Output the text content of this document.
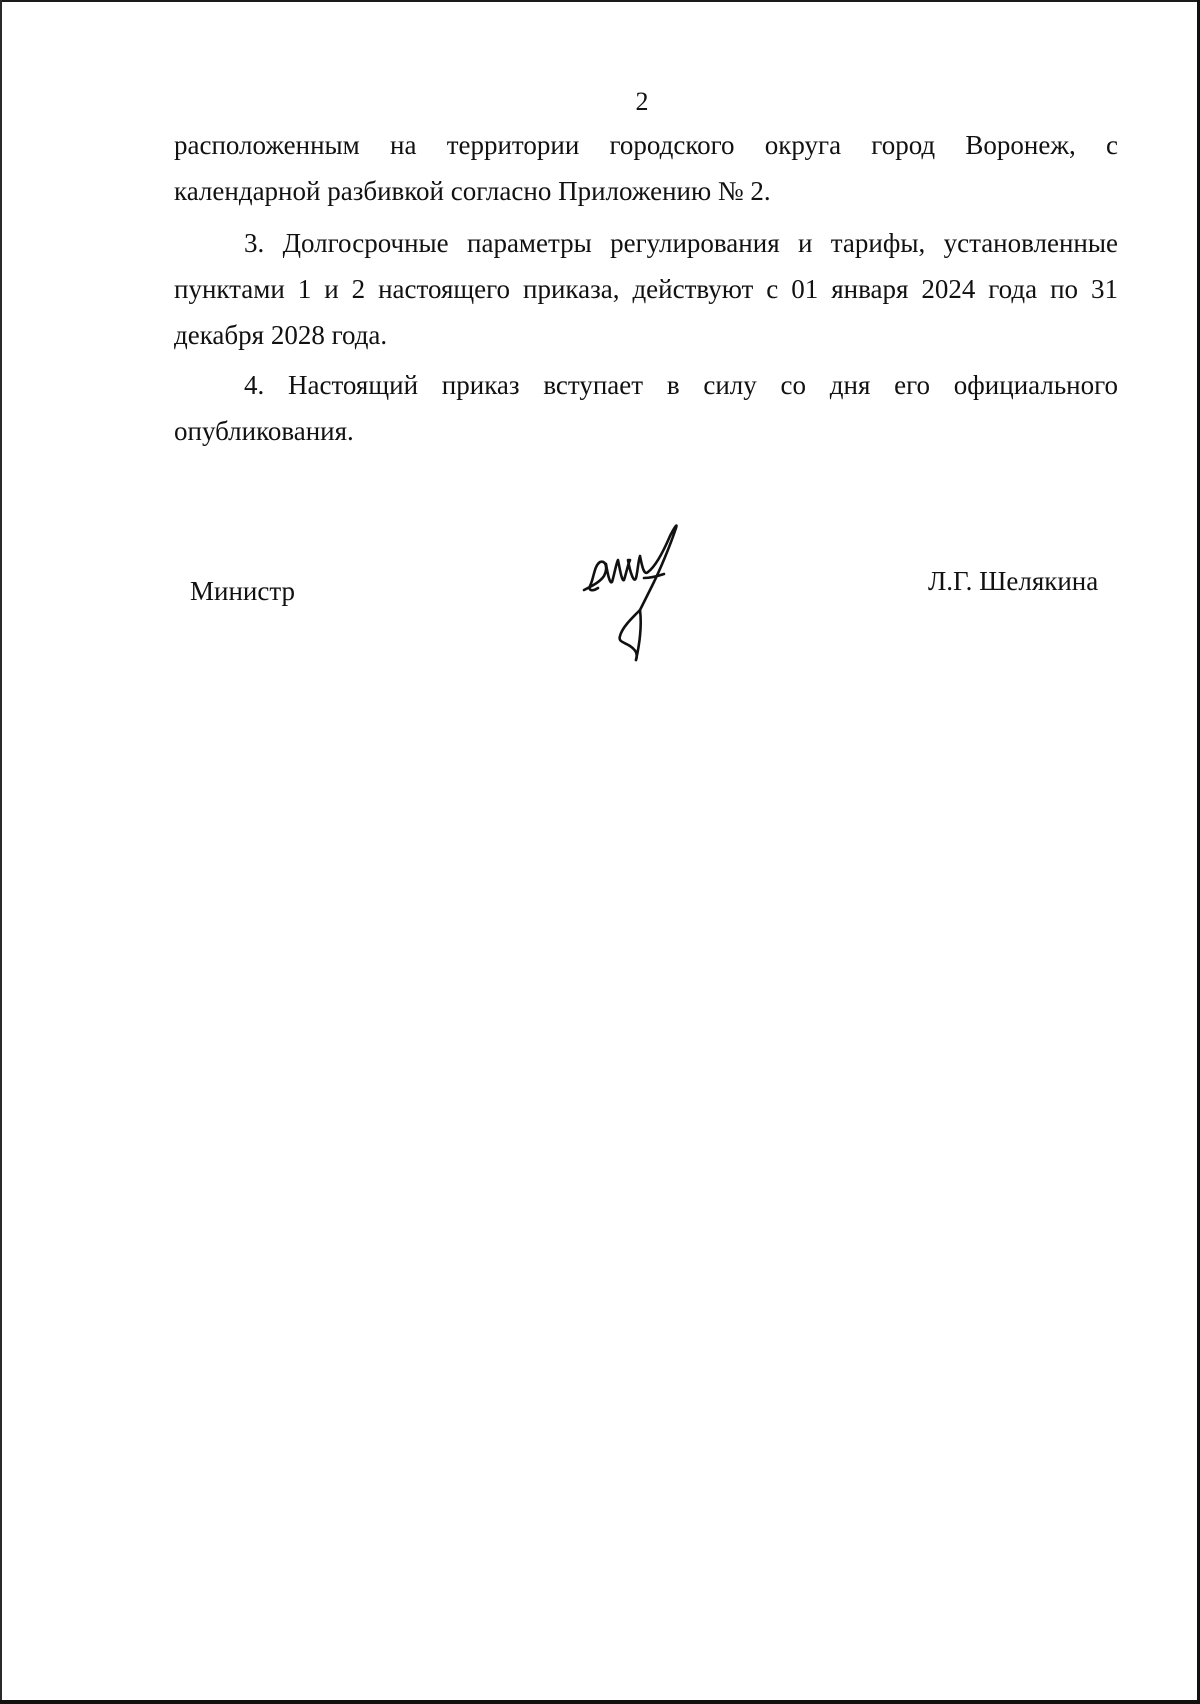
2

расположенным на территории городского округа город Воронеж, с
календарной разбивкой согласно Приложению № 2.

3. Долгосрочные параметры регулирования и тарифы, установленные
пунктами 1 и 2 настоящего приказа, действуют с 01 января 2024 года по 31
декабря 2028 года.

4. Настоящий приказ вступает в силу со дня его официального
опубликования.

Министр	Л.Г. Шелякина
